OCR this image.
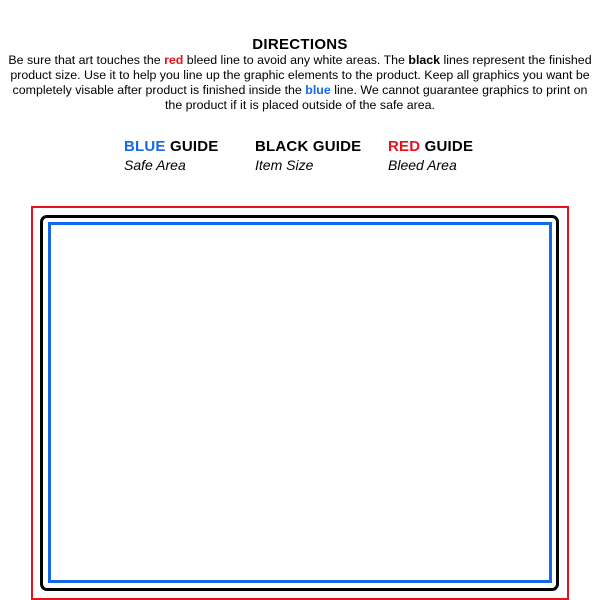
DIRECTIONS

Be sure that art touches the red bleed line to avoid any white areas. The black lines represent the finished product size. Use it to help you line up the graphic elements to the product. Keep all graphics you want be completely visable after product is finished inside the blue line. We cannot guarantee graphics to print on the product if it is placed outside of the safe area.

BLUE GUIDE
Safe Area
BLACK GUIDE
Item Size
RED GUIDE
Bleed Area
